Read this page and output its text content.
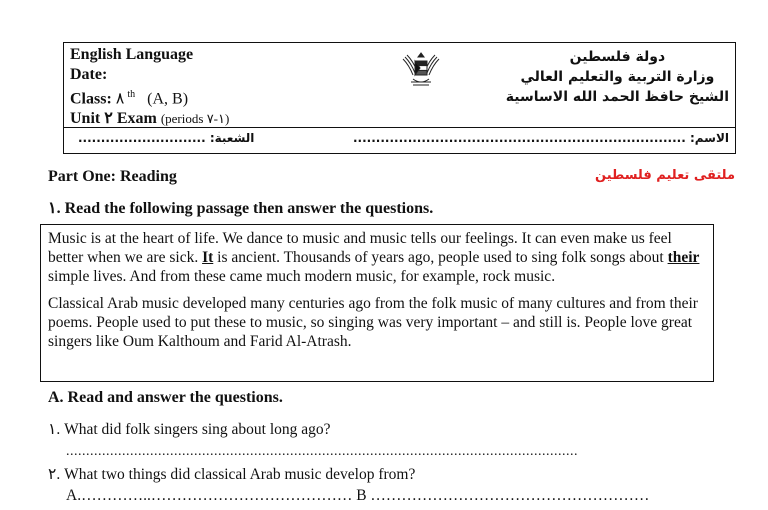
English Language
Date:
Class: ٨ $^{th}$ (A, B)
Unit ٢ Exam (periods ١-٧)
دولة فلسطين
وزارة التربية والتعليم العالي
الشيخ حافظ الحمد الله الاساسية
الاسم: .........................................................................
الشعبة: ............................
Part One: Reading	ملتقى تعليم فلسطين
١. Read the following passage then answer the questions.

Music is at the heart of life. We dance to music and music tells our feelings. It can even make us feel better when we are sick. It is ancient. Thousands of years ago, people used to sing folk songs about their simple lives. And from these came much modern music, for example, rock music.

Classical Arab music developed many centuries ago from the folk music of many cultures and from their poems. People used to put these to music, so singing was very important – and still is. People love great singers like Oum Kalthoum and Farid Al-Atrash.

A. Read and answer the questions.
١. What did folk singers sing about long ago?
................................................................................................................................
٢. What two things did classical Arab music develop from?
A.…………..………………………………… B ………………………………………………
